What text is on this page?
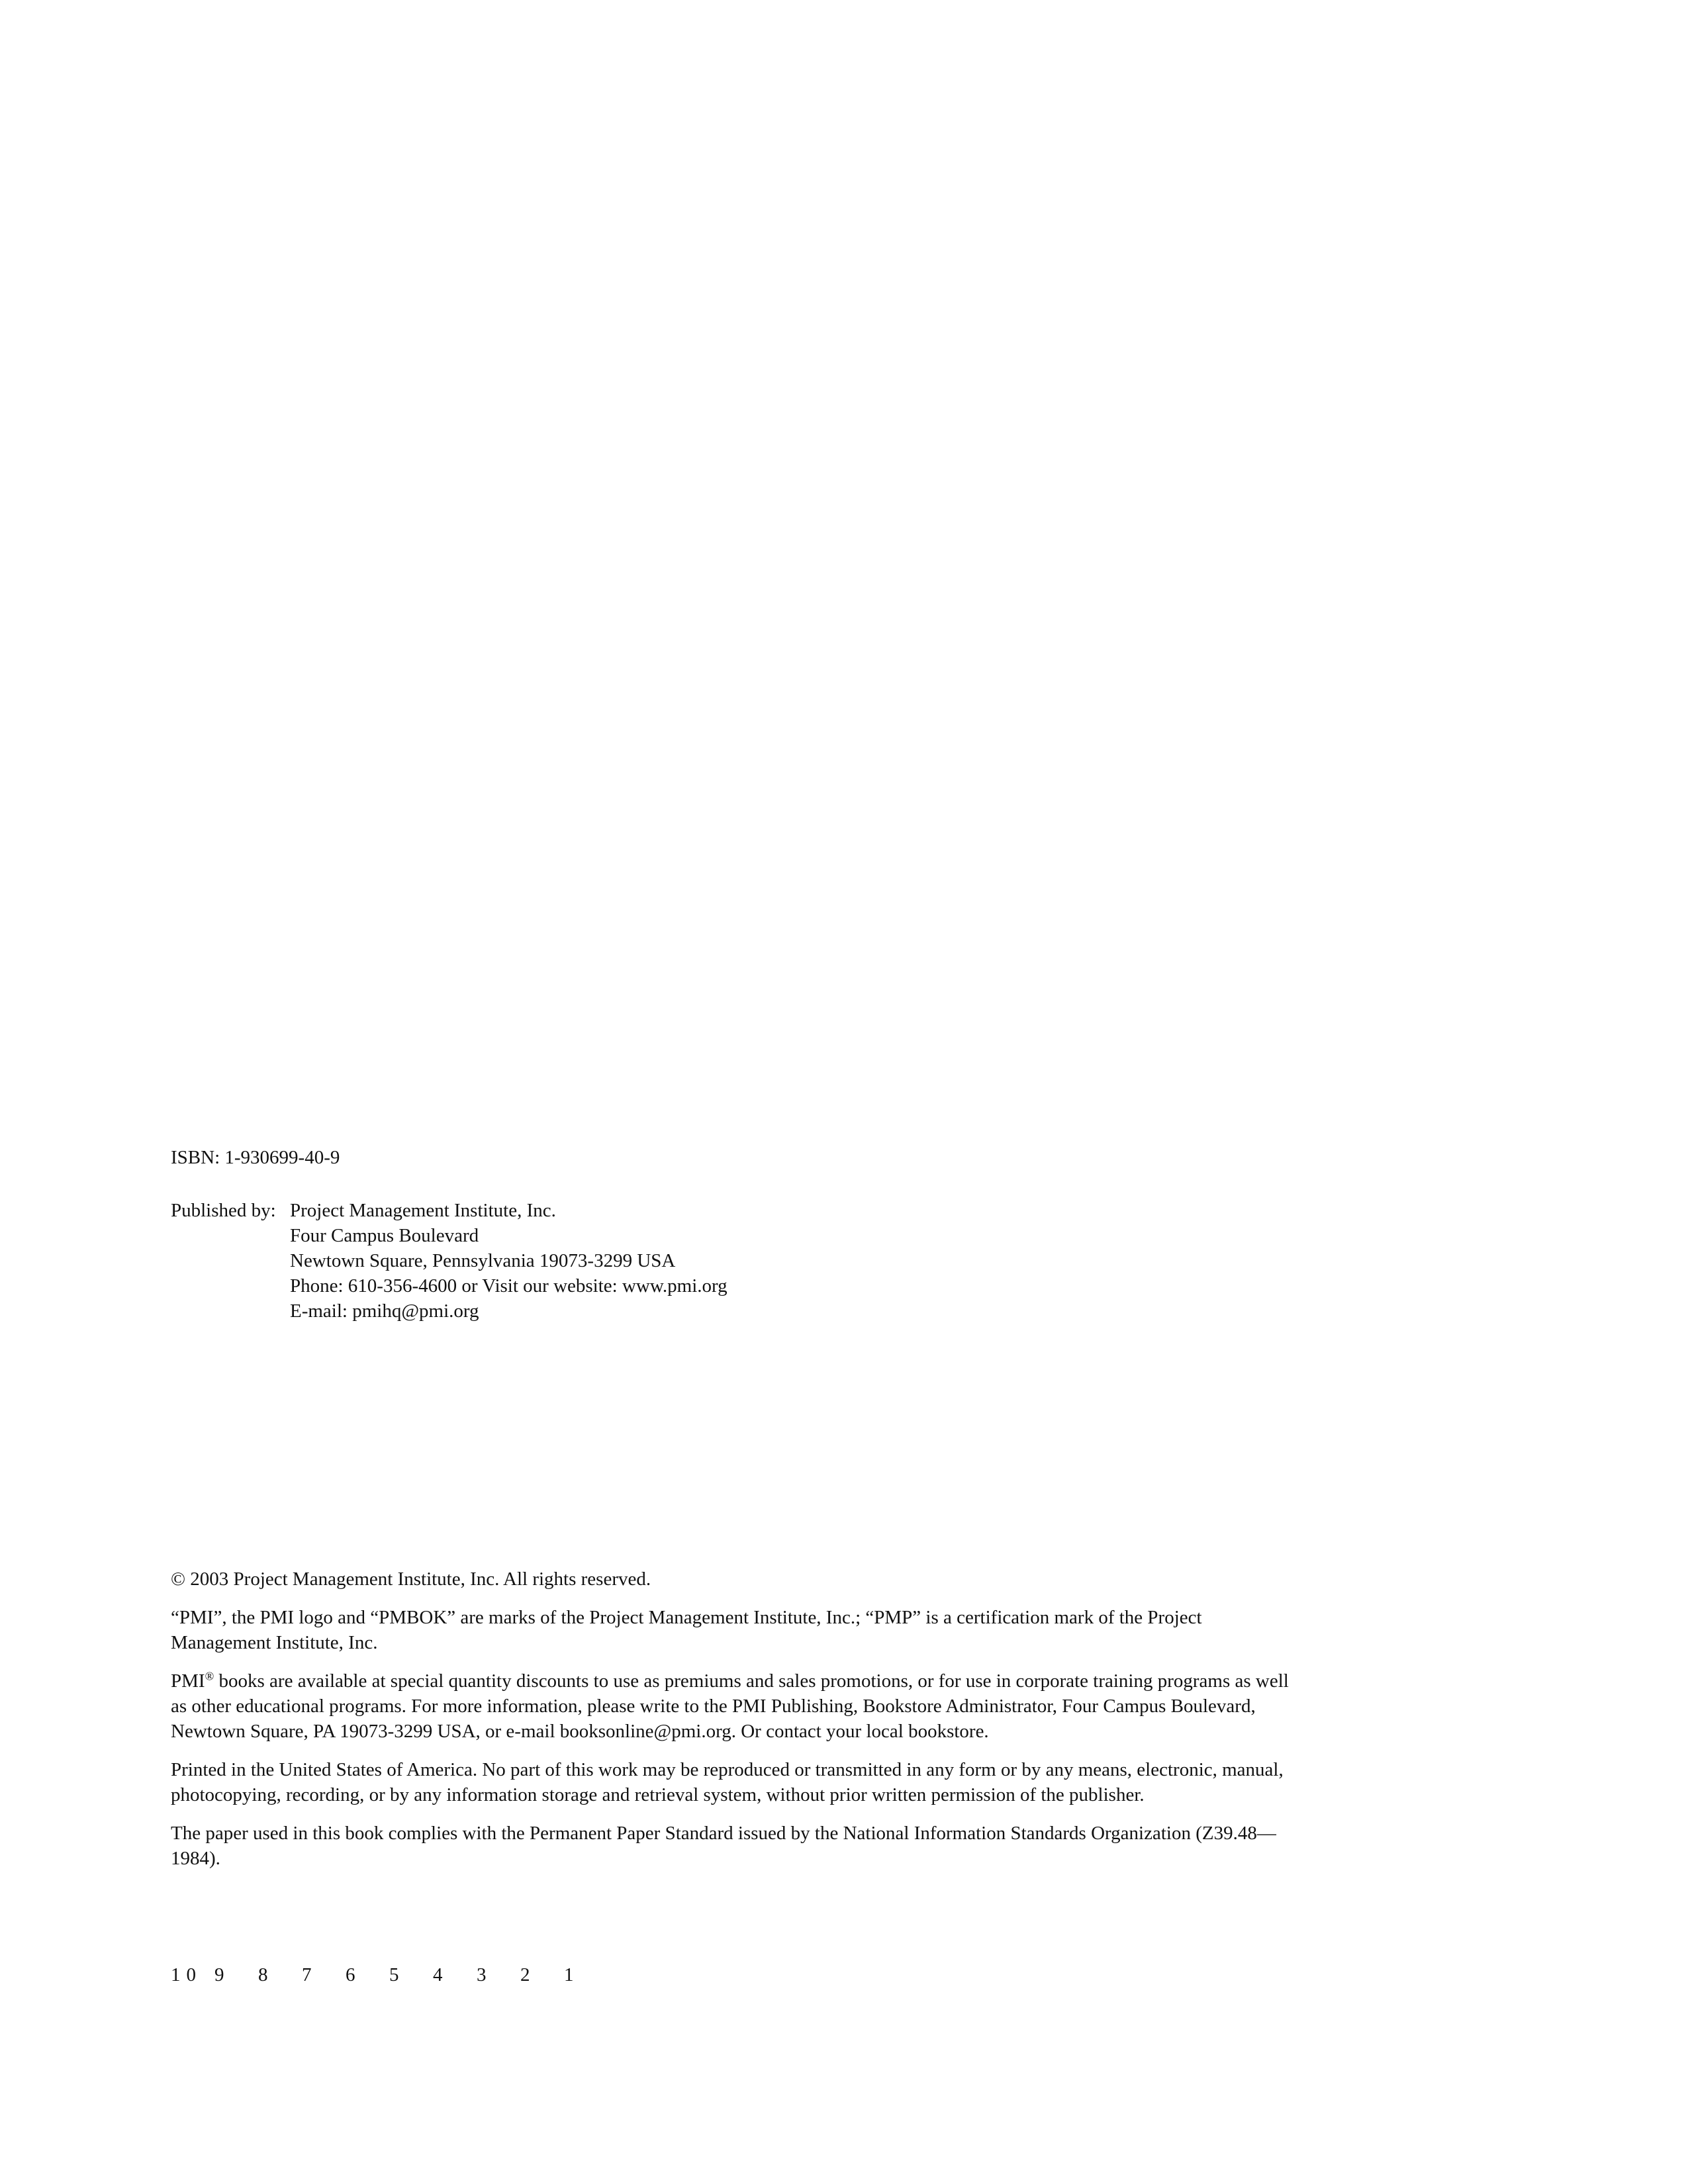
ISBN: 1-930699-40-9
Published by: Project Management Institute, Inc.
Four Campus Boulevard
Newtown Square, Pennsylvania 19073-3299 USA
Phone: 610-356-4600 or Visit our website: www.pmi.org
E-mail: pmihq@pmi.org

© 2003 Project Management Institute, Inc. All rights reserved.

“PMI”, the PMI logo and “PMBOK” are marks of the Project Management Institute, Inc.; “PMP” is a certification mark of the Project Management Institute, Inc.

PMI® books are available at special quantity discounts to use as premiums and sales promotions, or for use in corporate training programs as well as other educational programs. For more information, please write to the PMI Publishing, Bookstore Administrator, Four Campus Boulevard, Newtown Square, PA 19073-3299 USA, or e-mail booksonline@pmi.org. Or contact your local bookstore.

Printed in the United States of America. No part of this work may be reproduced or transmitted in any form or by any means, electronic, manual, photocopying, recording, or by any information storage and retrieval system, without prior written permission of the publisher.

The paper used in this book complies with the Permanent Paper Standard issued by the National Information Standards Organization (Z39.48—1984).

10 9	8	7	6	5	4	3	2	1
